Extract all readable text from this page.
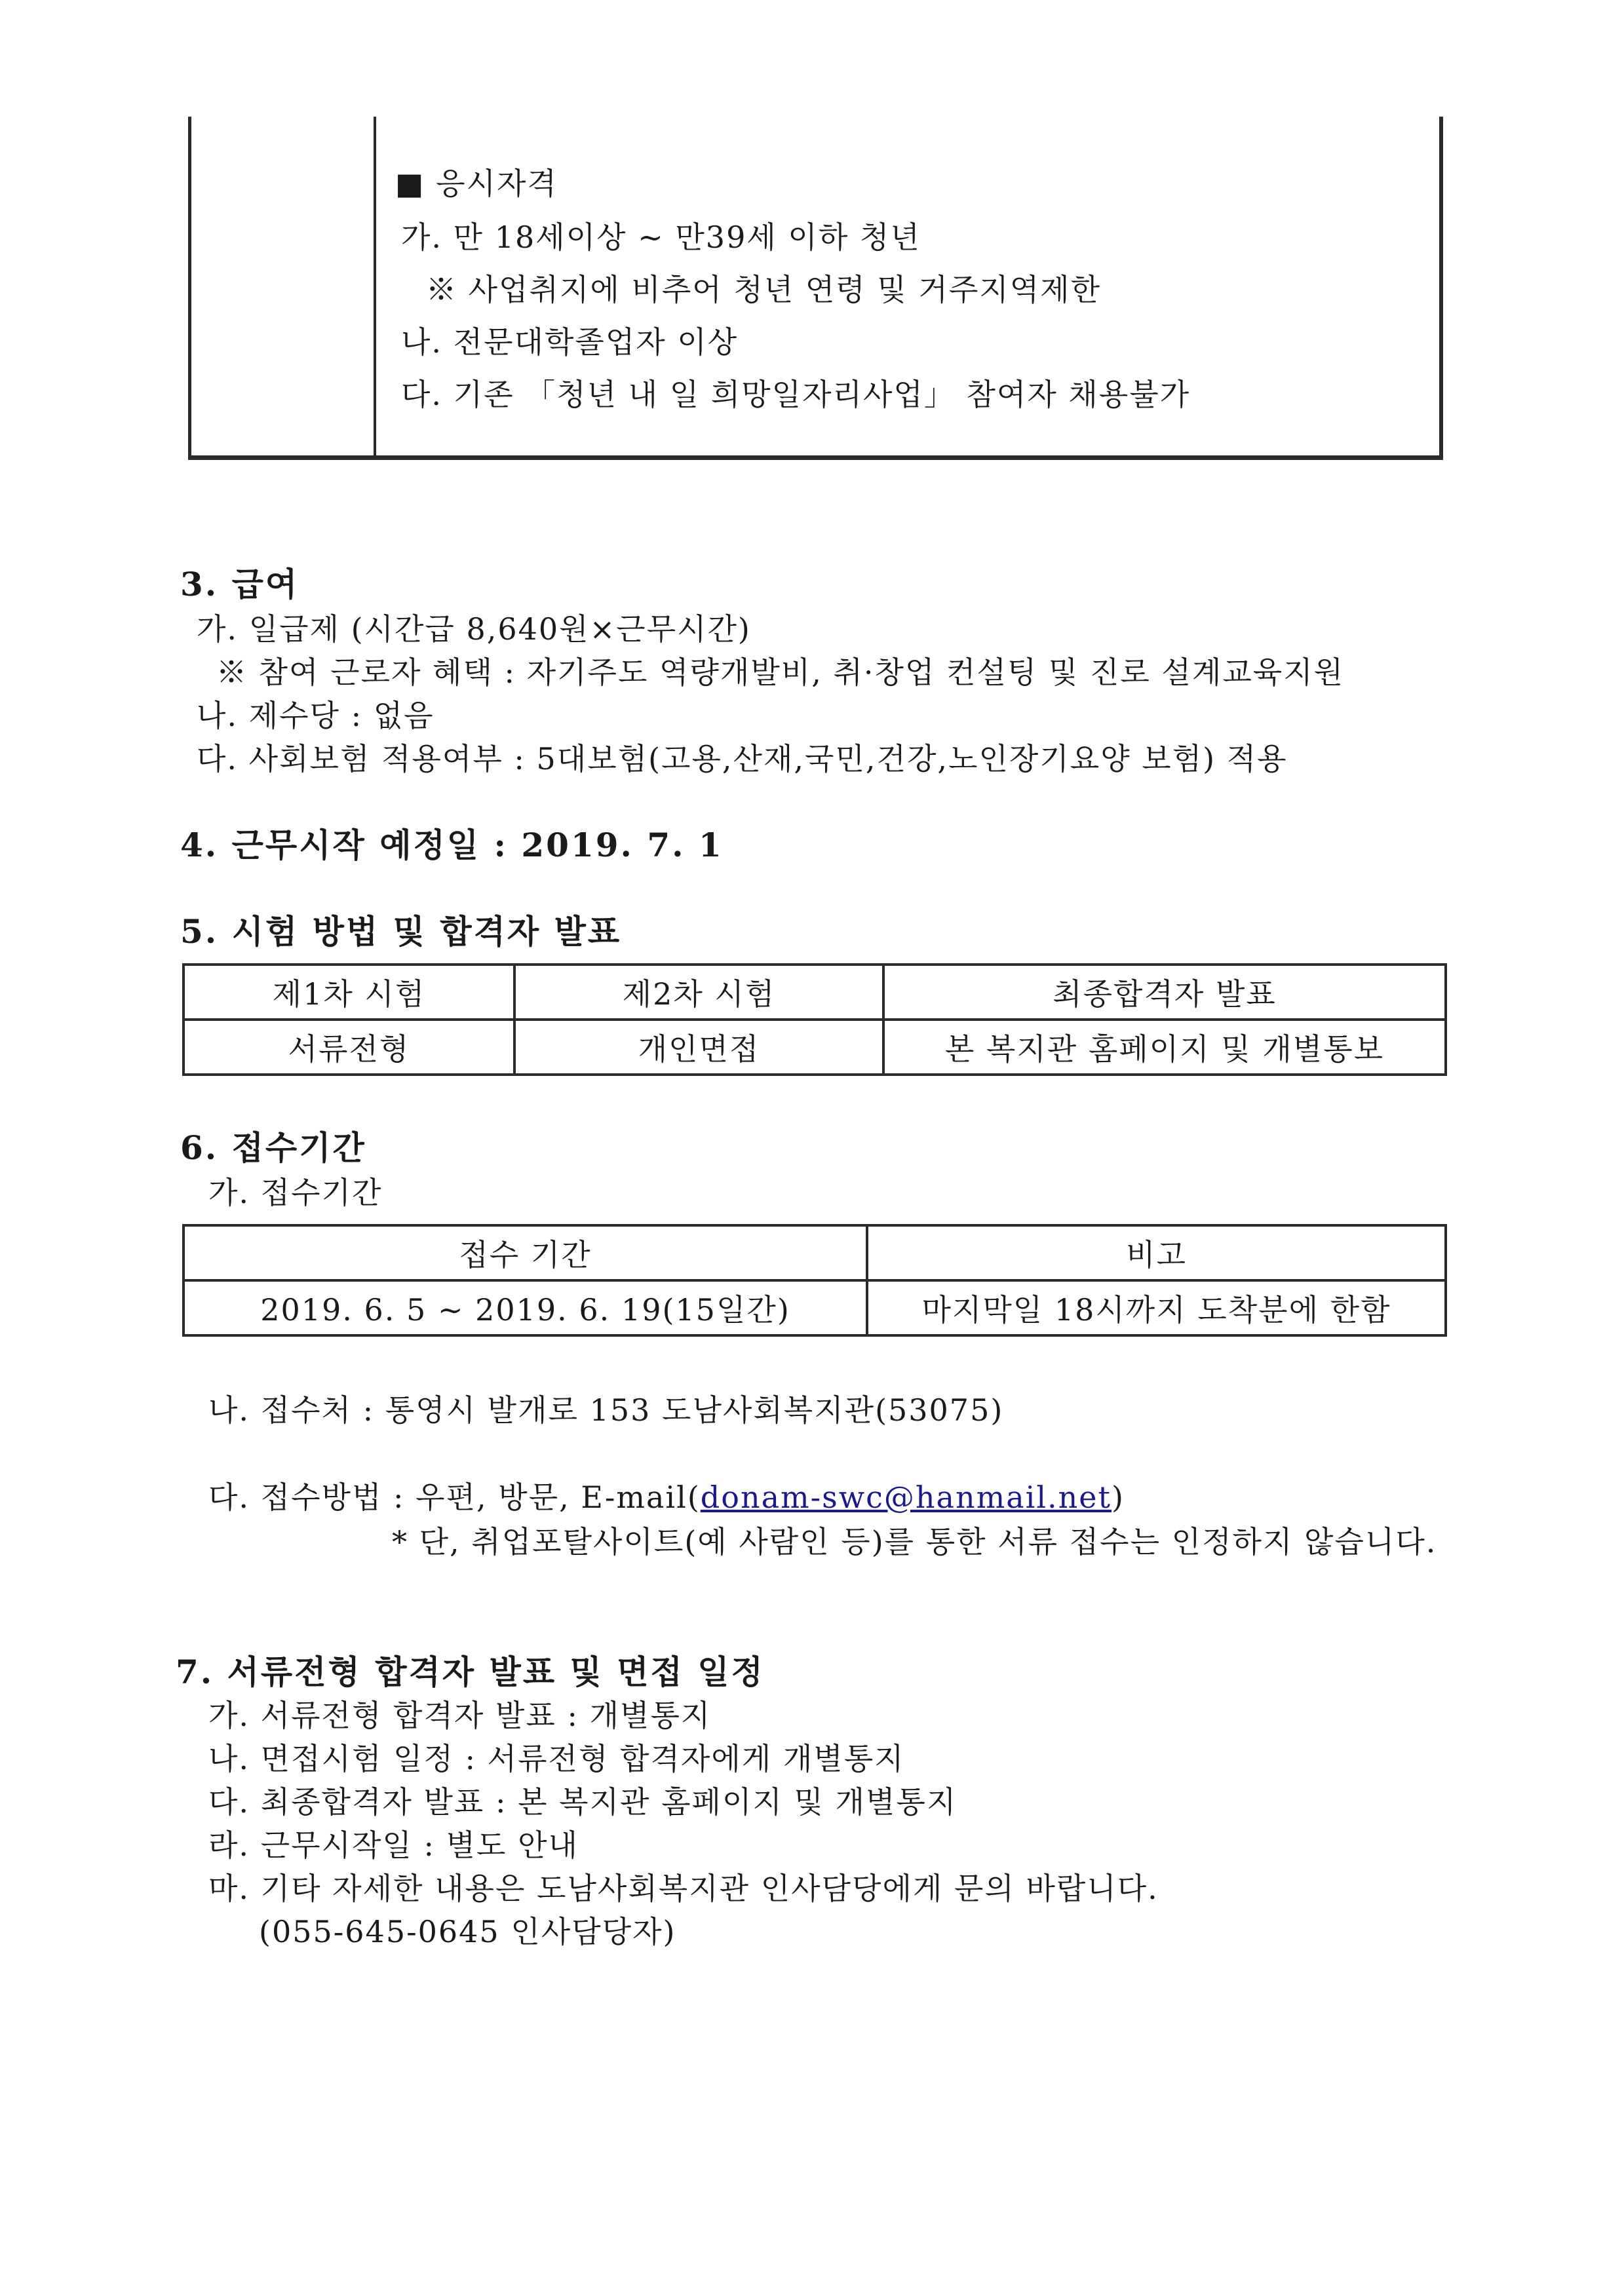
■ 응시자격
가. 만 18세이상 ~ 만39세 이하 청년
※ 사업취지에 비추어 청년 연령 및 거주지역제한
나. 전문대학졸업자 이상
다. 기존 「청년 내 일 희망일자리사업」 참여자 채용불가
3. 급여
가. 일급제 (시간급 8,640원×근무시간)
※ 참여 근로자 혜택 : 자기주도 역량개발비, 취·창업 컨설팅 및 진로 설계교육지원
나. 제수당 : 없음
다. 사회보험 적용여부 : 5대보험(고용,산재,국민,건강,노인장기요양 보험) 적용
4. 근무시작 예정일 : 2019. 7. 1
5. 시험 방법 및 합격자 발표
제1차 시험	제2차 시험	최종합격자 발표
서류전형	개인면접	본 복지관 홈페이지 및 개별통보
6. 접수기간
가. 접수기간
접수 기간	비고
2019. 6. 5 ~ 2019. 6. 19(15일간)	마지막일 18시까지 도착분에 한함
나. 접수처 : 통영시 발개로 153 도남사회복지관(53075)
다. 접수방법 : 우편, 방문, E-mail(donam-swc@hanmail.net)
* 단, 취업포탈사이트(예 사람인 등)를 통한 서류 접수는 인정하지 않습니다.
7. 서류전형 합격자 발표 및 면접 일정
가. 서류전형 합격자 발표 : 개별통지
나. 면접시험 일정 : 서류전형 합격자에게 개별통지
다. 최종합격자 발표 : 본 복지관 홈페이지 및 개별통지
라. 근무시작일 : 별도 안내
마. 기타 자세한 내용은 도남사회복지관 인사담당에게 문의 바랍니다.
(055-645-0645 인사담당자)
